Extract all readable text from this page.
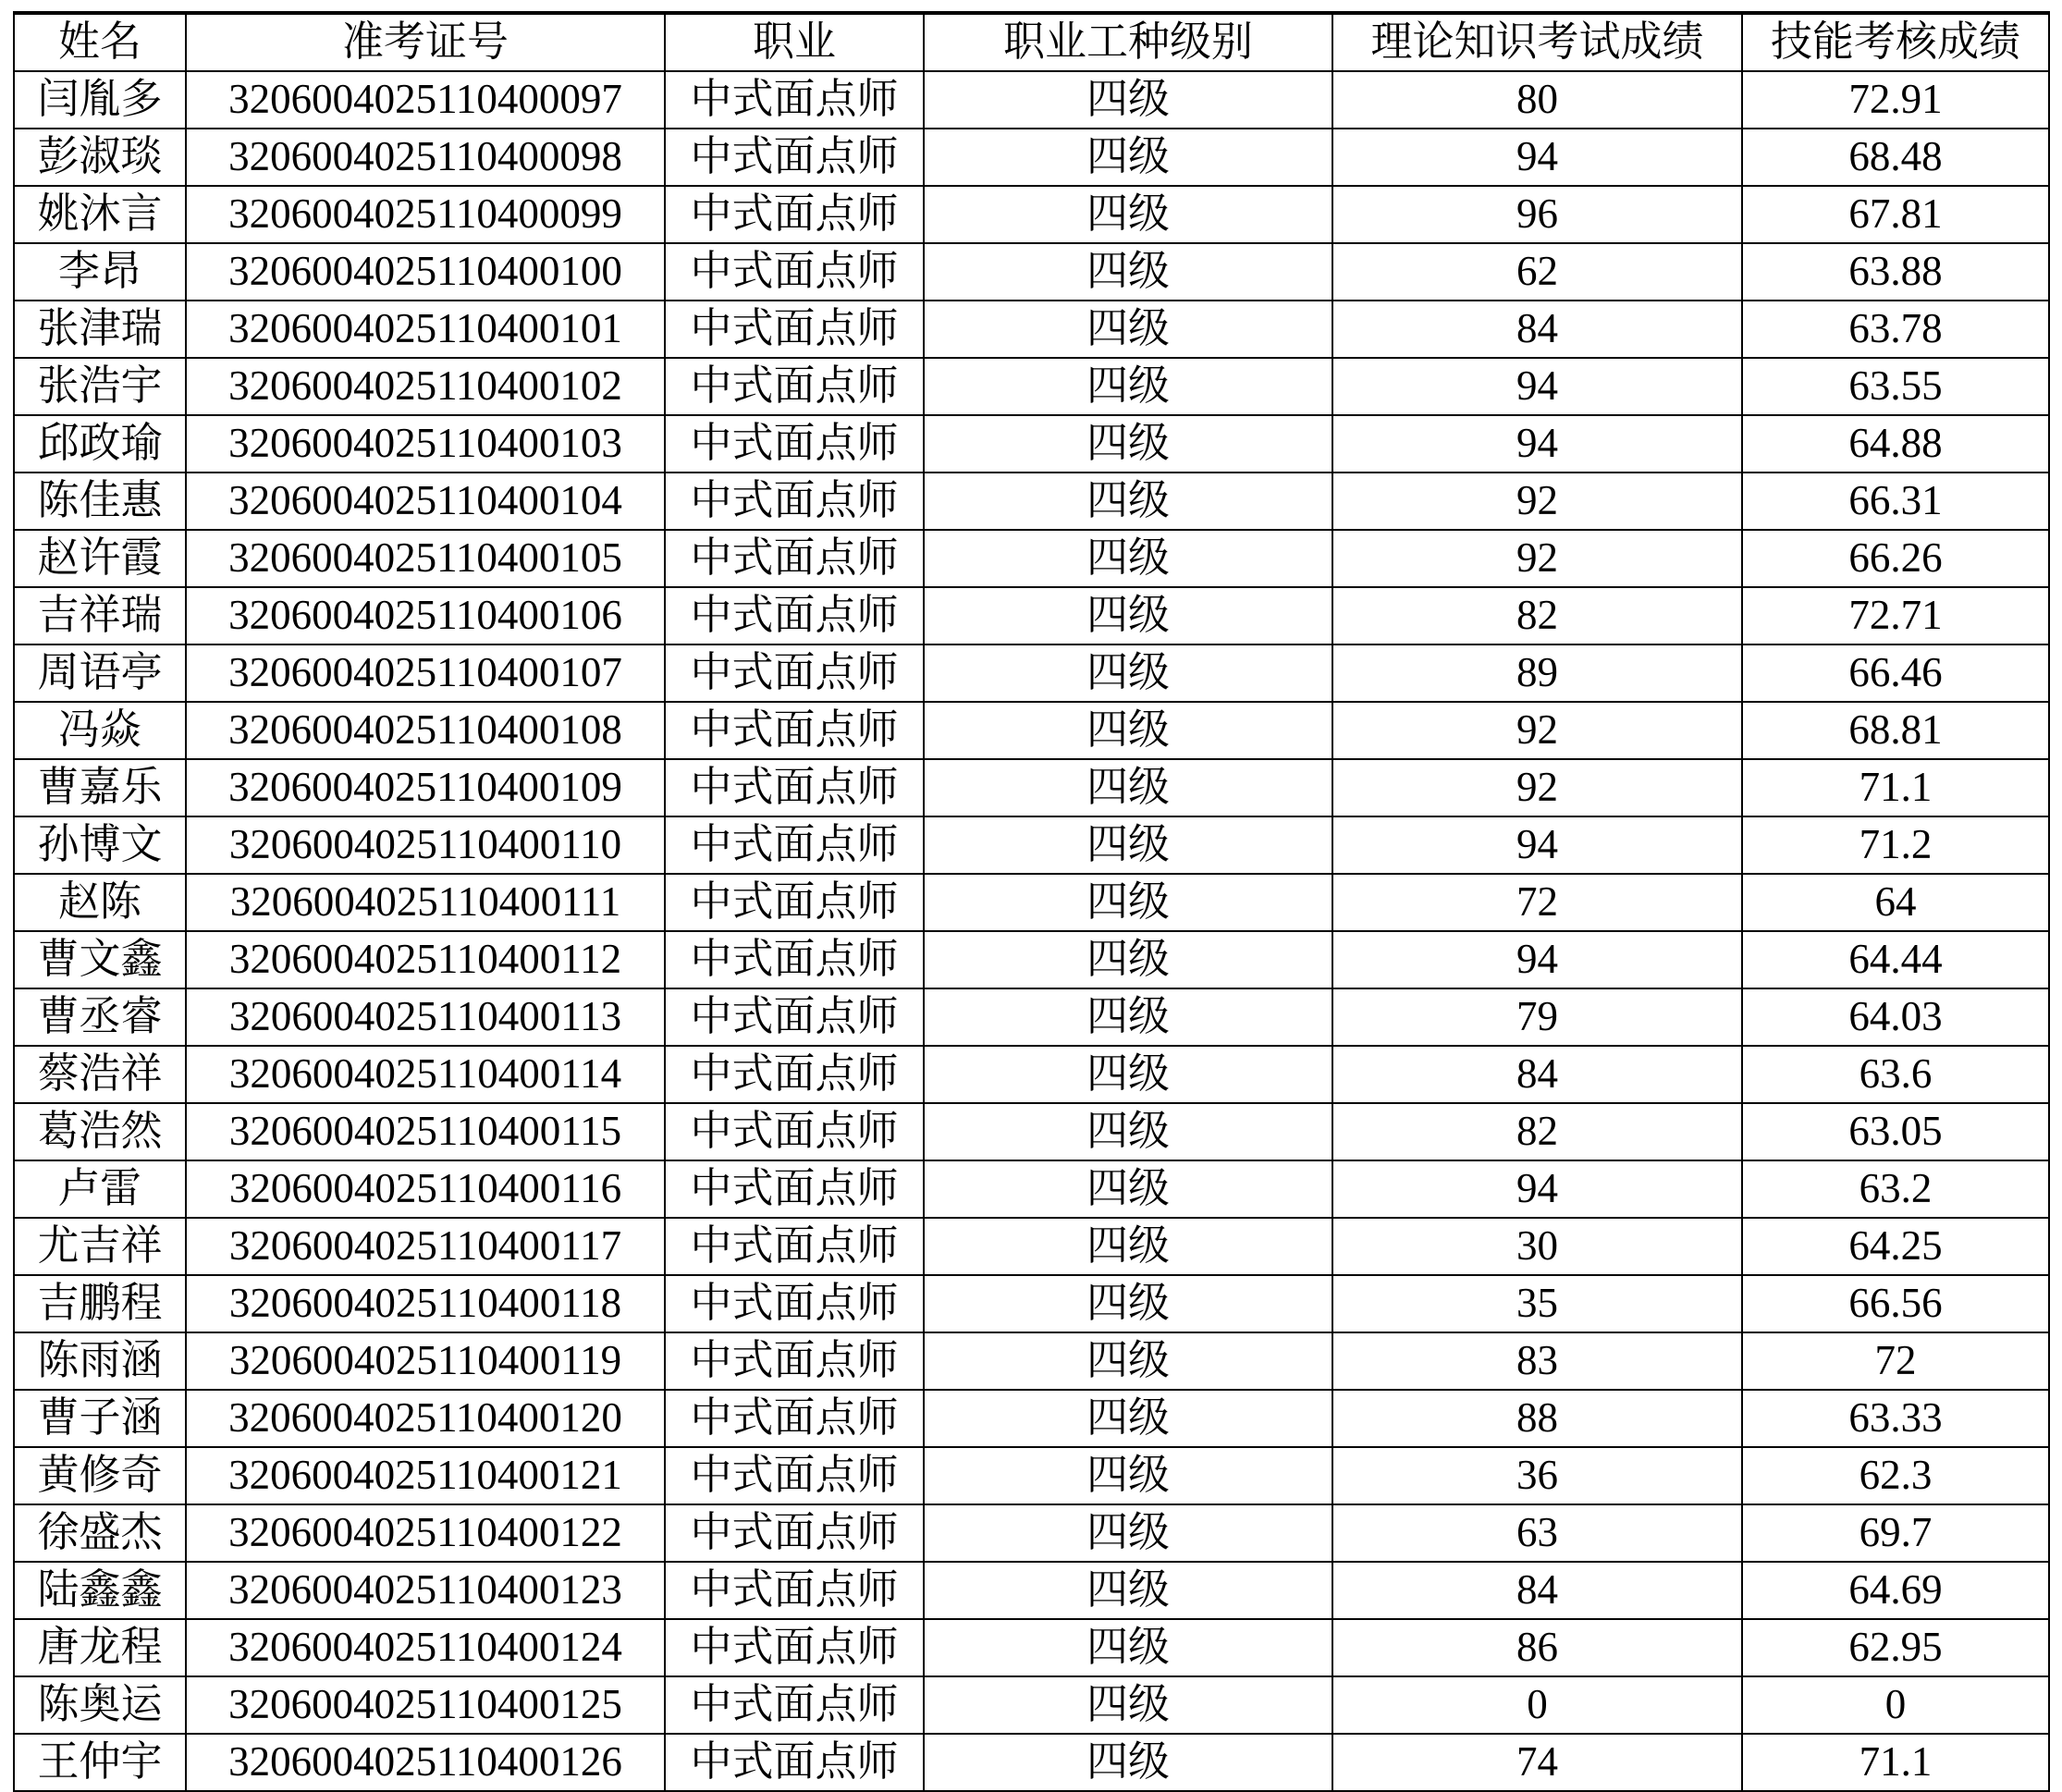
姓名	准考证号	职业	职业工种级别	理论知识考试成绩	技能考核成绩
闫胤多	3206004025110400097	中式面点师	四级	80	72.91
彭淑琰	3206004025110400098	中式面点师	四级	94	68.48
姚沐言	3206004025110400099	中式面点师	四级	96	67.81
李昂	3206004025110400100	中式面点师	四级	62	63.88
张津瑞	3206004025110400101	中式面点师	四级	84	63.78
张浩宇	3206004025110400102	中式面点师	四级	94	63.55
邱政瑜	3206004025110400103	中式面点师	四级	94	64.88
陈佳惠	3206004025110400104	中式面点师	四级	92	66.31
赵许霞	3206004025110400105	中式面点师	四级	92	66.26
吉祥瑞	3206004025110400106	中式面点师	四级	82	72.71
周语亭	3206004025110400107	中式面点师	四级	89	66.46
冯焱	3206004025110400108	中式面点师	四级	92	68.81
曹嘉乐	3206004025110400109	中式面点师	四级	92	71.1
孙博文	3206004025110400110	中式面点师	四级	94	71.2
赵陈	3206004025110400111	中式面点师	四级	72	64
曹文鑫	3206004025110400112	中式面点师	四级	94	64.44
曹丞睿	3206004025110400113	中式面点师	四级	79	64.03
蔡浩祥	3206004025110400114	中式面点师	四级	84	63.6
葛浩然	3206004025110400115	中式面点师	四级	82	63.05
卢雷	3206004025110400116	中式面点师	四级	94	63.2
尤吉祥	3206004025110400117	中式面点师	四级	30	64.25
吉鹏程	3206004025110400118	中式面点师	四级	35	66.56
陈雨涵	3206004025110400119	中式面点师	四级	83	72
曹子涵	3206004025110400120	中式面点师	四级	88	63.33
黄修奇	3206004025110400121	中式面点师	四级	36	62.3
徐盛杰	3206004025110400122	中式面点师	四级	63	69.7
陆鑫鑫	3206004025110400123	中式面点师	四级	84	64.69
唐龙程	3206004025110400124	中式面点师	四级	86	62.95
陈奥运	3206004025110400125	中式面点师	四级	0	0
王仲宇	3206004025110400126	中式面点师	四级	74	71.1
